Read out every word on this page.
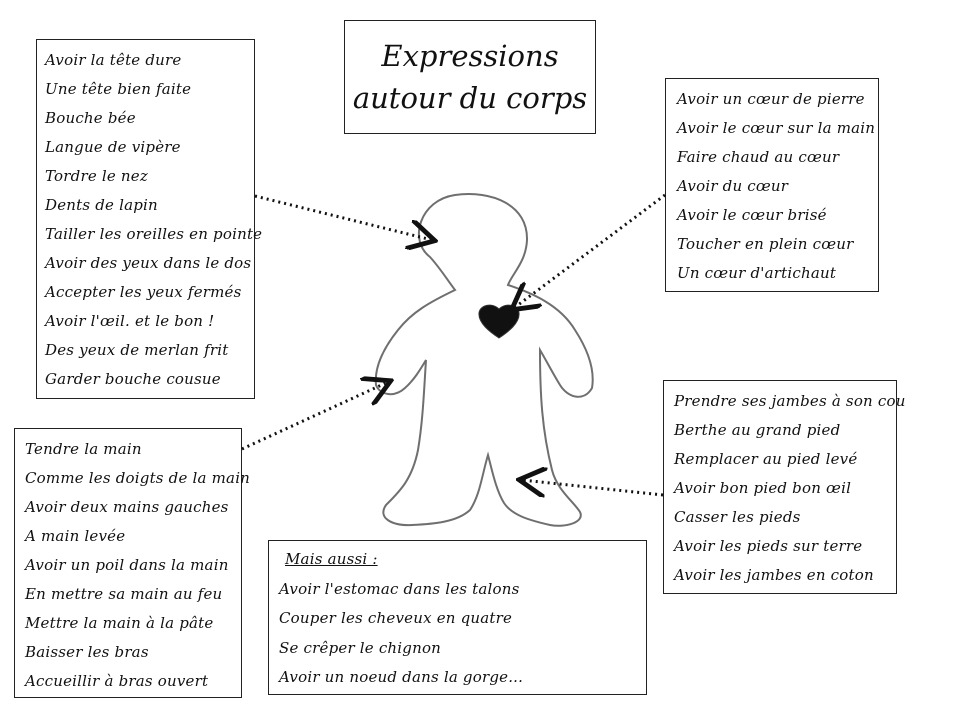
Expressions
autour du corps
Avoir la tête dure
Une tête bien faite
Bouche bée
Langue de vipère
Tordre le nez
Dents de lapin
Tailler les oreilles en pointe
Avoir des yeux dans le dos
Accepter les yeux fermés
Avoir l'œil. et le bon !
Des yeux de merlan frit
Garder bouche cousue
Tendre la main
Comme les doigts de la main
Avoir deux mains gauches
A main levée
Avoir un poil dans la main
En mettre sa main au feu
Mettre la main à la pâte
Baisser les bras
Accueillir à bras ouvert
Avoir un cœur de pierre
Avoir le cœur sur la main
Faire chaud au cœur
Avoir du cœur
Avoir le cœur brisé
Toucher en plein cœur
Un cœur d'artichaut
Prendre ses jambes à son cou
Berthe au grand pied
Remplacer au pied levé
Avoir bon pied bon œil
Casser les pieds
Avoir les pieds sur terre
Avoir les jambes en coton
Mais aussi :
Avoir l'estomac dans les talons
Couper les cheveux en quatre
Se crêper le chignon
Avoir un noeud dans la gorge...
